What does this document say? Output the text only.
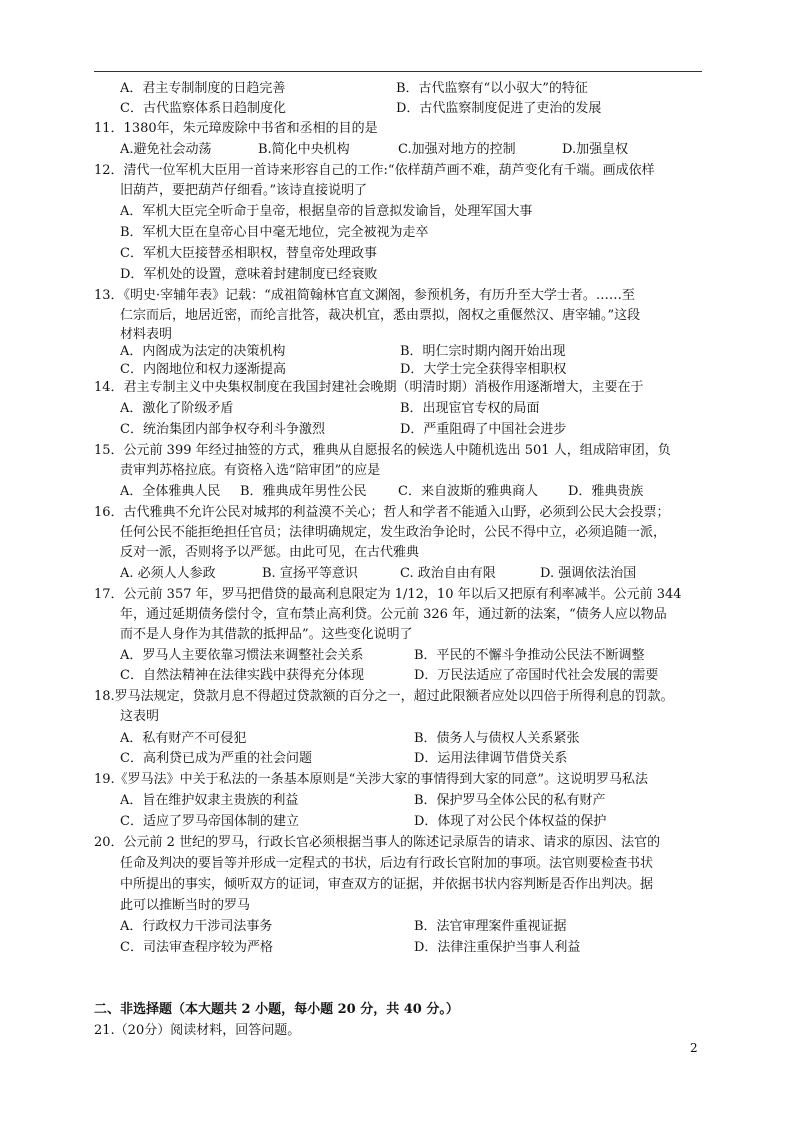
A．君主专制制度的日趋完善	B．古代监察有“以小驭大”的特征
C．古代监察体系日趋制度化	D．古代监察制度促进了吏治的发展
11．1380年，朱元璋废除中书省和丞相的目的是
A.避免社会动荡	B.简化中央机构	C.加强对地方的控制	D.加强皇权
12．清代一位军机大臣用一首诗来形容自己的工作:“依样葫芦画不难，葫芦变化有千端。画成依样
旧葫芦，要把葫芦仔细看。”该诗直接说明了
A．军机大臣完全听命于皇帝，根据皇帝的旨意拟发谕旨，处理军国大事
B．军机大臣在皇帝心目中毫无地位，完全被视为走卒
C．军机大臣接替丞相职权，替皇帝处理政事
D．军机处的设置，意味着封建制度已经衰败
13．《明史·宰辅年表》记载：“成祖简翰林官直文渊阁，参预机务，有历升至大学士者。……至
仁宗而后，地居近密，而纶言批答，裁决机宜，悉由票拟，阁权之重偃然汉、唐宰辅。”这段
材料表明
A．内阁成为法定的决策机构	B．明仁宗时期内阁开始出现
C．内阁地位和权力逐渐提高	D．大学士完全获得宰相职权
14．君主专制主义中央集权制度在我国封建社会晚期（明清时期）消极作用逐渐增大，主要在于
A．激化了阶级矛盾	B．出现宦官专权的局面
C．统治集团内部争权夺利斗争激烈	D．严重阻碍了中国社会进步
15．公元前 399 年经过抽签的方式，雅典从自愿报名的候选人中随机选出 501 人，组成陪审团，负
责审判苏格拉底。有资格入选“陪审团”的应是
A．全体雅典人民 B．雅典成年男性公民 C．来自波斯的雅典商人 D．雅典贵族
16．古代雅典不允许公民对城邦的利益漠不关心；哲人和学者不能遁入山野，必须到公民大会投票；
任何公民不能拒绝担任官员；法律明确规定，发生政治争论时，公民不得中立，必须追随一派，
反对一派，否则将予以严惩。由此可见，在古代雅典
A. 必须人人参政	B. 宣扬平等意识	C. 政治自由有限	D. 强调依法治国
17．公元前 357 年，罗马把借贷的最高利息限定为 1/12，10 年以后又把原有利率减半。公元前 344
年，通过延期债务偿付令，宣布禁止高利贷。公元前 326 年，通过新的法案，“债务人应以物品
而不是人身作为其借款的抵押品”。这些变化说明了
A．罗马人主要依靠习惯法来调整社会关系	B．平民的不懈斗争推动公民法不断调整
C．自然法精神在法律实践中获得充分体现	D．万民法适应了帝国时代社会发展的需要
18.罗马法规定，贷款月息不得超过贷款额的百分之一，超过此限额者应处以四倍于所得利息的罚款。
这表明
A．私有财产不可侵犯	B．债务人与债权人关系紧张
C．高利贷已成为严重的社会问题	D．运用法律调节借贷关系
19.《罗马法》中关于私法的一条基本原则是“关涉大家的事情得到大家的同意”。这说明罗马私法
A．旨在维护奴隶主贵族的利益	B．保护罗马全体公民的私有财产
C．适应了罗马帝国体制的建立	D．体现了对公民个体权益的保护
20．公元前 2 世纪的罗马，行政长官必须根据当事人的陈述记录原告的请求、请求的原因、法官的
任命及判决的要旨等并形成一定程式的书状，后边有行政长官附加的事项。法官则要检查书状
中所提出的事实，倾听双方的证词，审查双方的证据，并依据书状内容判断是否作出判决。据
此可以推断当时的罗马
A．行政权力干涉司法事务	B．法官审理案件重视证据
C．司法审查程序较为严格	D．法律注重保护当事人利益
二、非选择题（本大题共 2 小题，每小题 20 分，共 40 分。）
21.（20分）阅读材料，回答问题。
2
